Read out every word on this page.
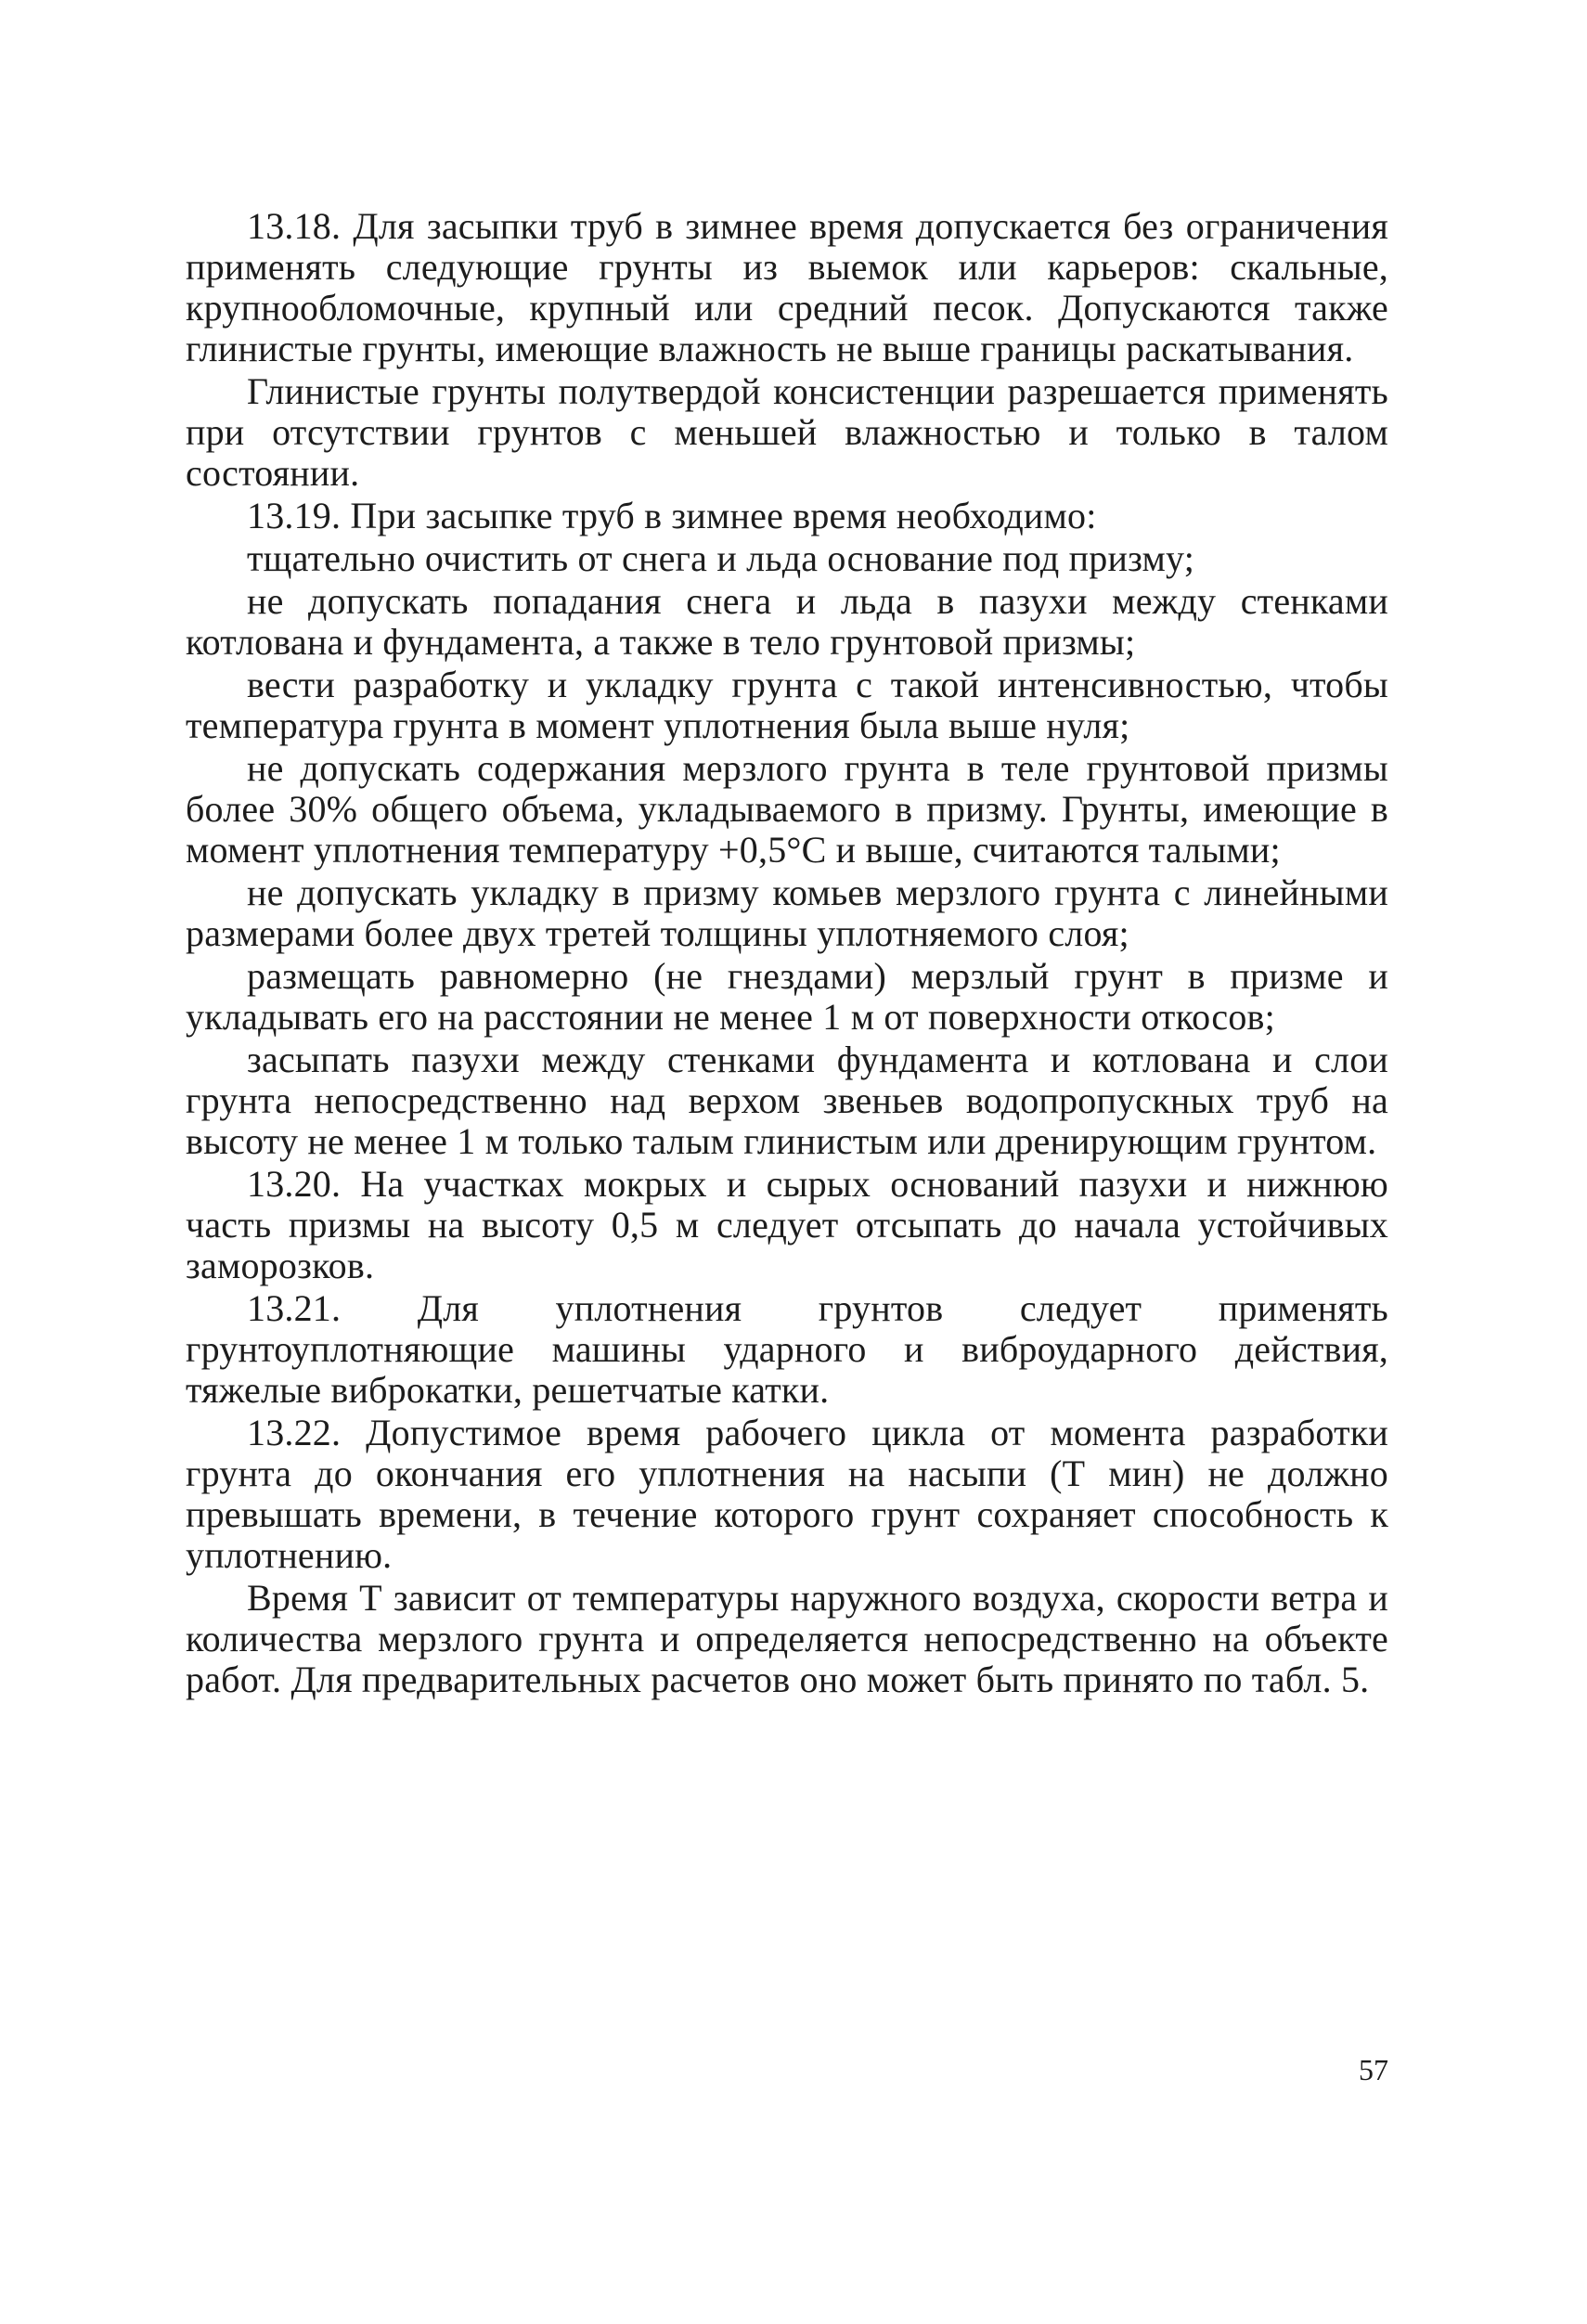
13.18. Для засыпки труб в зимнее время допускается без ограничения применять следующие грунты из выемок или карьеров: скальные, крупнообломочные, крупный или средний песок. Допускаются также глинистые грунты, имеющие влажность не выше границы раскатывания.

Глинистые грунты полутвердой консистенции разрешается применять при отсутствии грунтов с меньшей влажностью и только в талом состоянии.

13.19. При засыпке труб в зимнее время необходимо:

тщательно очистить от снега и льда основание под призму;

не допускать попадания снега и льда в пазухи между стенками котлована и фундамента, а также в тело грунтовой призмы;

вести разработку и укладку грунта с такой интенсивностью, чтобы температура грунта в момент уплотнения была выше нуля;

не допускать содержания мерзлого грунта в теле грунтовой призмы более 30% общего объема, укладываемого в призму. Грунты, имеющие в момент уплотнения температуру +0,5°С и выше, считаются талыми;

не допускать укладку в призму комьев мерзлого грунта с линейными размерами более двух третей толщины уплотняемого слоя;

размещать равномерно (не гнездами) мерзлый грунт в призме и укладывать его на расстоянии не менее 1 м от поверхности откосов;

засыпать пазухи между стенками фундамента и котлована и слои грунта непосредственно над верхом звеньев водопропускных труб на высоту не менее 1 м только талым глинистым или дренирующим грунтом.

13.20. На участках мокрых и сырых оснований пазухи и нижнюю часть призмы на высоту 0,5 м следует отсыпать до начала устойчивых заморозков.

13.21. Для уплотнения грунтов следует применять грунтоуплотняющие машины ударного и виброударного действия, тяжелые виброкатки, решетчатые катки.

13.22. Допустимое время рабочего цикла от момента разработки грунта до окончания его уплотнения на насыпи (Т мин) не должно превышать времени, в течение которого грунт сохраняет способность к уплотнению.

Время Т зависит от температуры наружного воздуха, скорости ветра и количества мерзлого грунта и определяется непосредственно на объекте работ. Для предварительных расчетов оно может быть принято по табл. 5.

57
